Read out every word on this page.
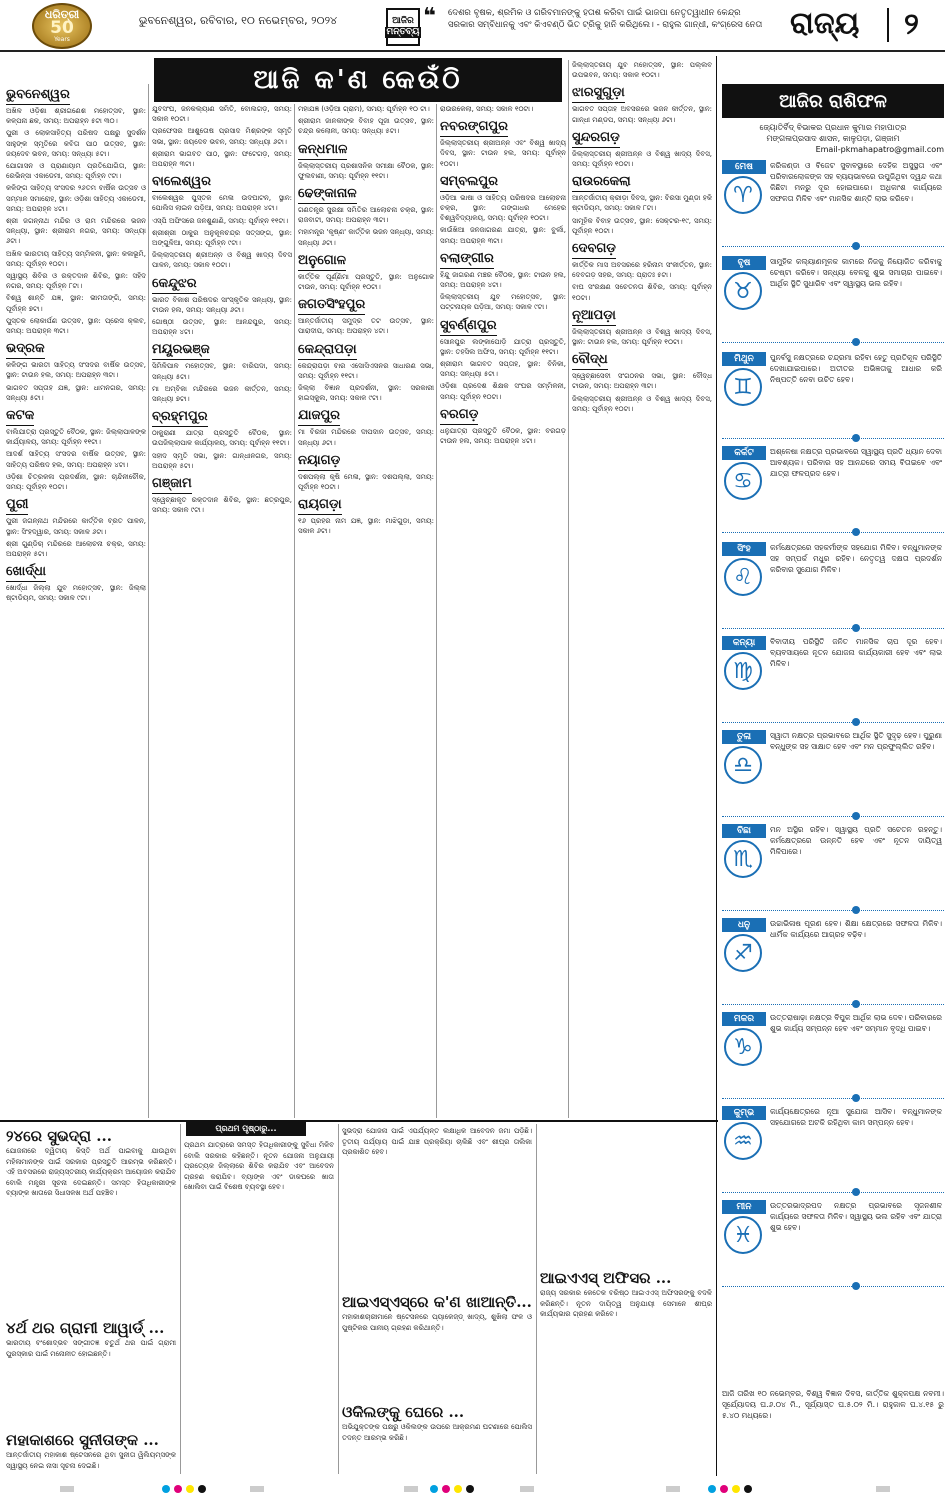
ଧରିତ୍ରୀ
50
Years
ଭୁବନେଶ୍ୱର, ରବିବାର, ୧୦ ନଭେମ୍ବର, ୨୦୨୪	ଆଜିର
ମନ୍ତବ୍ୟ
❝ ଦେଶର ବୃଷକ, ଶ୍ରମିକ ଓ ଗରିବମାନଙ୍କୁ ହତାଶ କରିବା ପାଇଁ ଭାଜପା ନେତୃତ୍ୱାଧୀନ କେନ୍ଦ୍ର ସରକାର ସମ୍ବିଧାନକୁ ଏବଂ କିଏବଣ୍ଠି ଭିତ ଟ୍ରିକୁ ହାନି କରିଥିଲେ। - ରାହୁଲ ଗାନ୍ଧୀ, କଂଗ୍ରେସ ନେତା ରାଜ୍ୟ ୨
ଆଜି କ'ଣ କେଉଁଠି
ଭୁବନେଶ୍ୱର
ଅଖିଳ ଓଡ଼ିଶା ଶ୍ରୀଗଣେଶ ମହୋତ୍ସବ, ସ୍ଥାନ: କଳ୍ପନା ଛକ, ସମୟ: ଅପରାହ୍ନ ୫ଟା ୩୦।
ପୁରୀ ଓ ଲୋକସାହିତ୍ୟ ପରିଷଦ ପକ୍ଷରୁ ସୁଦର୍ଶନ ସାହୁଙ୍କ ସ୍ମୃତିରେ କବିତା ପାଠ ଉତ୍ସବ, ସ୍ଥାନ: ଜୟଦେବ ଭବନ, ସମୟ: ସନ୍ଧ୍ୟା ୫ଟା।
ଯୋଗାସନ ଓ ପ୍ରାଣାୟାମ ପ୍ରତିଯୋଗିତା, ସ୍ଥାନ: ରେଭିନ୍ସା ଏକାଡେମୀ, ସମୟ: ପୂର୍ବାହ୍ନ ୯ଟା।
କଳିଙ୍ଗ ସାହିତ୍ୟ ସଂସଦର ୨୬ତମ ବାର୍ଷିକ ଉତ୍ସବ ଓ ସମ୍ମାନ ସମାରୋହ, ସ୍ଥାନ: ଓଡ଼ିଶା ସାହିତ୍ୟ ଏକାଡେମୀ, ସମୟ: ଅପରାହ୍ନ ୪ଟା।
ଶ୍ରୀ ଜଗନ୍ନାଥ ମନ୍ଦିର ଓ ରାମ ମନ୍ଦିରରେ ଭଜନ ସନ୍ଧ୍ୟା, ସ୍ଥାନ: ଶ୍ରୀରାମ ନଗର, ସମୟ: ସନ୍ଧ୍ୟା ୬ଟା।
ଅଖିଳ ଭାରତୀୟ ସାହିତ୍ୟ ସମ୍ମିଳନୀ, ସ୍ଥାନ: କଳାଭୂମି, ସମୟ: ପୂର୍ବାହ୍ନ ୧୦ଟା।
ସ୍ୱାସ୍ଥ୍ୟ ଶିବିର ଓ ରକ୍ତଦାନ ଶିବିର, ସ୍ଥାନ: ସହିଦ ନଗର, ସମୟ: ପୂର୍ବାହ୍ନ ୮ଟା।
ବିଶ୍ୱ ଶାନ୍ତି ଯଜ୍ଞ, ସ୍ଥାନ: ଭୀମତାଙ୍ଗି, ସମୟ: ପୂର୍ବାହ୍ନ ୭ଟା।
ପୁସ୍ତକ ଲୋକାର୍ପଣ ଉତ୍ସବ, ସ୍ଥାନ: ପ୍ରେସ କ୍ଲବ, ସମୟ: ଅପରାହ୍ନ ୩ଟା।
ଭଦ୍ରକ
କଳିଙ୍ଗ ଭାରତୀ ସାହିତ୍ୟ ସଂସଦର ବାର୍ଷିକ ଉତ୍ସବ, ସ୍ଥାନ: ଟାଉନ ହଲ, ସମୟ: ଅପରାହ୍ନ ୩ଟା।
ଭାଗବତ ସପ୍ତାହ ଯଜ୍ଞ, ସ୍ଥାନ: ଧାମନଗର, ସମୟ: ସନ୍ଧ୍ୟା ୫ଟା।
କଟକ
ବାଲିଯାତ୍ରା ପ୍ରସ୍ତୁତି ବୈଠକ, ସ୍ଥାନ: ଜିଲ୍ଲାପାଳଙ୍କ କାର୍ଯ୍ୟାଳୟ, ସମୟ: ପୂର୍ବାହ୍ନ ୧୧ଟା।
ଆଦର୍ଶ ସାହିତ୍ୟ ସଂସଦର ବାର୍ଷିକ ଉତ୍ସବ, ସ୍ଥାନ: ସାହିତ୍ୟ ପରିଷଦ ହଲ, ସମୟ: ଅପରାହ୍ନ ୪ଟା।
ଓଡ଼ିଶା ଚିତ୍ରକଳା ପ୍ରଦର୍ଶନୀ, ସ୍ଥାନ: ଚାନ୍ଦିନୀଚୌକ, ସମୟ: ପୂର୍ବାହ୍ନ ୧୦ଟା।
ପୁରୀ
ପୁରୀ ଜଗନ୍ନାଥ ମନ୍ଦିରରେ କାର୍ତ୍ତିକ ବ୍ରତ ପାଳନ, ସ୍ଥାନ: ସିଂହଦ୍ୱାର, ସମୟ: ସକାଳ ୬ଟା।
ଶ୍ରୀ ଗୁଣ୍ଡିଚା ମନ୍ଦିରରେ ଆଲୋଚନା ଚକ୍ର, ସମୟ: ଅପରାହ୍ନ ୫ଟା।
ଖୋର୍ଦ୍ଧା
ଖୋର୍ଦ୍ଧା ଜିଲ୍ଲା ଯୁବ ମହୋତ୍ସବ, ସ୍ଥାନ: ଜିଲ୍ଲା ଷ୍ଟାଡିୟମ, ସମୟ: ସକାଳ ୯ଟା।
ଯୁବସଂଘ, ଜନକଲ୍ୟାଣ ସମିତି, ବୋଲଗଡ଼, ସମୟ: ସକାଳ ୧୦ଟା।
ପ୍ରଫେସର ଆଶୁତୋଷ ପ୍ରସାଦ ମିଶ୍ରଙ୍କ ସ୍ମୃତି ସଭା, ସ୍ଥାନ: ଜୟଦେବ ଭବନ, ସମୟ: ସନ୍ଧ୍ୟା ୬ଟା।
ଶ୍ରୀରାମ ଭାଗବତ ପାଠ, ସ୍ଥାନ: ଫଟେଗଡ଼, ସମୟ: ଅପରାହ୍ନ ୩ଟା।
ବାଲେଶ୍ୱର
ବାଲେଶ୍ୱର ପୁସ୍ତକ ମେଳା ଉଦଘାଟନ, ସ୍ଥାନ: ପୋଲିସ ଲାଇନ ପଡ଼ିଆ, ସମୟ: ଅପରାହ୍ନ ୪ଟା।
ଏସ୍‌ପି ଅଫିସରେ ଜନଶୁଣାଣି, ସମୟ: ପୂର୍ବାହ୍ନ ୧୧ଟା।
ଶ୍ରୀଶ୍ରୀ ଠାକୁର ଅନୁକୂଳଚନ୍ଦ୍ର ସତ୍ସଙ୍ଗ, ସ୍ଥାନ: ଅଙ୍ଗୁଳିଆ, ସମୟ: ପୂର୍ବାହ୍ନ ୯ଟା।
ଜିଲ୍ଲାସ୍ତରୀୟ ଶ୍ରୀଅନ୍ନ ଓ ବିଶ୍ୱ ଖାଦ୍ୟ ଦିବସ ପାଳନ, ସମୟ: ସକାଳ ୧୦ଟା।
କେନ୍ଦୁଝର
ଭାରତ ବିକାଶ ପରିଷଦର ସାଂସ୍କୃତିକ ସନ୍ଧ୍ୟା, ସ୍ଥାନ: ଟାଉନ ହଲ, ସମୟ: ସନ୍ଧ୍ୟା ୬ଟା।
ଗୋଷ୍ଠୀ ଉତ୍ସବ, ସ୍ଥାନ: ଆନନ୍ଦପୁର, ସମୟ: ଅପରାହ୍ନ ୪ଟା।
ମୟୂରଭଞ୍ଜ
ସିମିଳିପାଳ ମହୋତ୍ସବ, ସ୍ଥାନ: ବାରିପଦା, ସମୟ: ସନ୍ଧ୍ୟା ୫ଟା।
ମା ଅମ୍ବିକା ମନ୍ଦିରରେ ଭଜନ କୀର୍ତ୍ତନ, ସମୟ: ସନ୍ଧ୍ୟା ୭ଟା।
ବ୍ରହ୍ମପୁର
ଠାକୁରାଣୀ ଯାତ୍ରା ପ୍ରସ୍ତୁତି ବୈଠକ, ସ୍ଥାନ: ଉପଜିଲ୍ଲାପାଳ କାର୍ଯ୍ୟାଳୟ, ସମୟ: ପୂର୍ବାହ୍ନ ୧୧ଟା।
ସହୀଦ ସ୍ମୃତି ସଭା, ସ୍ଥାନ: ଗାନ୍ଧୀନଗର, ସମୟ: ଅପରାହ୍ନ ୫ଟା।
ଗଞ୍ଜାମ
ସ୍ୱେଚ୍ଛାକୃତ ରକ୍ତଦାନ ଶିବିର, ସ୍ଥାନ: ଛତ୍ରପୁର, ସମୟ: ସକାଳ ୯ଟା।
ମହାଯଜ୍ଞ (ଓଡ଼ିଆ ଗ୍ରାମ), ସମୟ: ପୂର୍ବାହ୍ନ ୧୦ ଟା।
ଶ୍ରୀରାମ ଜାନକୀଙ୍କ ବିବାହ ପୂଜା ଉତ୍ସବ, ସ୍ଥାନ: ଚନ୍ଦ୍ର କଲୋନୀ, ସମୟ: ସନ୍ଧ୍ୟା ୫ଟା।
କନ୍ଧମାଳ
ଜିଲ୍ଲାସ୍ତରୀୟ ପ୍ରଶାସନିକ ସମୀକ୍ଷା ବୈଠକ, ସ୍ଥାନ: ଫୁଲବାଣୀ, ସମୟ: ପୂର୍ବାହ୍ନ ୧୧ଟା।
ଢେଙ୍କାନାଳ
ଗଣତନ୍ତ୍ର ସୁରକ୍ଷା ସମିତିର ଆଲୋଚନା ଚକ୍ର, ସ୍ଥାନ: ରାଜବାଟୀ, ସମୟ: ଅପରାହ୍ନ ୩ଟା।
ମହାମନ୍ତ୍ର 'କୃଷ୍ଣ' କାର୍ତ୍ତିକ ଭଜନ ସନ୍ଧ୍ୟା, ସମୟ: ସନ୍ଧ୍ୟା ୬ଟା।
ଅନୁଗୋଳ
କାର୍ତ୍ତିକ ପୂର୍ଣ୍ଣିମା ପ୍ରସ୍ତୁତି, ସ୍ଥାନ: ଅନୁଗୋଳ ଟାଉନ, ସମୟ: ପୂର୍ବାହ୍ନ ୧୦ଟା।
ଜଗତସିଂହପୁର
ଆନ୍ତର୍ଜାତୀୟ ସମୁଦ୍ର ତଟ ଉତ୍ସବ, ସ୍ଥାନ: ପାରାଦୀପ, ସମୟ: ଅପରାହ୍ନ ୪ଟା।
କେନ୍ଦ୍ରାପଡ଼ା
କେନ୍ଦ୍ରାପଡ଼ା ବାର ଏସୋସିଏସନର ସାଧାରଣ ସଭା, ସମୟ: ପୂର୍ବାହ୍ନ ୧୧ଟା।
ଜିଲ୍ଲା ବିଜ୍ଞାନ ପ୍ରଦର୍ଶନୀ, ସ୍ଥାନ: ସରକାରୀ ହାଇସ୍କୁଲ, ସମୟ: ସକାଳ ୯ଟା।
ଯାଜପୁର
ମା ବିରଜା ମନ୍ଦିରରେ ଦୀପଦାନ ଉତ୍ସବ, ସମୟ: ସନ୍ଧ୍ୟା ୬ଟା।
ନୟାଗଡ଼
ଦଶପଲ୍ଲା କୃଷି ମେଳା, ସ୍ଥାନ: ଦଶପଲ୍ଲା, ସମୟ: ପୂର୍ବାହ୍ନ ୧୦ଟା।
ରାୟଗଡ଼ା
୧୬ ପ୍ରହର ନାମ ଯଜ୍ଞ, ସ୍ଥାନ: ମାଝିଗୁଡ଼ା, ସମୟ: ସକାଳ ୬ଟା।
ରାଉରକେଲା, ସମୟ: ସକାଳ ୧୦ଟା।
ନବରଙ୍ଗପୁର
ଜିଲ୍ଲାସ୍ତରୀୟ ଶ୍ରୀଅନ୍ନ ଏବଂ ବିଶ୍ୱ ଖାଦ୍ୟ ଦିବସ, ସ୍ଥାନ: ଟାଉନ ହଲ, ସମୟ: ପୂର୍ବାହ୍ନ ୧୦ଟା।
ସମ୍ବଲପୁର
ଓଡ଼ିଆ ଭାଷା ଓ ସାହିତ୍ୟ ପରିଷଦର ଆଲୋଚନା ଚକ୍ର, ସ୍ଥାନ: ଗଙ୍ଗାଧର ମେହେର ବିଶ୍ୱବିଦ୍ୟାଳୟ, ସମୟ: ପୂର୍ବାହ୍ନ ୧୦ଟା।
କାଉଁଖିଆ ଜନଜାଗରଣ ଯାତ୍ରା, ସ୍ଥାନ: ବୁର୍ଲା, ସମୟ: ଅପରାହ୍ନ ୩ଟା।
ବଲାଙ୍ଗୀର
ହିନ୍ଦୁ ଜାଗରଣ ମଞ୍ଚର ବୈଠକ, ସ୍ଥାନ: ଟାଉନ ହଲ, ସମୟ: ଅପରାହ୍ନ ୪ଟା।
ଜିଲ୍ଲାସ୍ତରୀୟ ଯୁବ ମହୋତ୍ସବ, ସ୍ଥାନ: ପଟ୍ଟନାୟକ ପଡ଼ିଆ, ସମୟ: ସକାଳ ୯ଟା।
ସୁବର୍ଣ୍ଣପୁର
ସୋନପୁର ଲଙ୍କାପୋଡ଼ି ଯାତ୍ରା ପ୍ରସ୍ତୁତି, ସ୍ଥାନ: ତହସିଲ ଅଫିସ, ସମୟ: ପୂର୍ବାହ୍ନ ୧୧ଟା।
ଶ୍ରୀରାମ ଭାଗବତ ସପ୍ତାହ, ସ୍ଥାନ: ବିନିକା, ସମୟ: ସନ୍ଧ୍ୟା ୫ଟା।
ଓଡ଼ିଶା ପ୍ରଦେଶ ଶିକ୍ଷକ ସଂଘର ସମ୍ମିଳନୀ, ସମୟ: ପୂର୍ବାହ୍ନ ୧୦ଟା।
ବରଗଡ଼
ଧନୁଯାତ୍ରା ପ୍ରସ୍ତୁତି ବୈଠକ, ସ୍ଥାନ: ବରଗଡ଼ ଟାଉନ ହଲ, ସମୟ: ଅପରାହ୍ନ ୪ଟା।
ଜିଲ୍ଲାସ୍ତରୀୟ ଯୁବ ମହୋତ୍ସବ, ସ୍ଥାନ: ପଲ୍ଲବ ଉପଭବନ, ସମୟ: ସକାଳ ୧୦ଟା।
ଝାରସୁଗୁଡ଼ା
ଭାଗବତ ସପ୍ତାହ ଅବସରରେ ଭଜନ କୀର୍ତ୍ତନ, ସ୍ଥାନ: ଗାନ୍ଧୀ ମଣ୍ଡପ, ସମୟ: ସନ୍ଧ୍ୟା ୬ଟା।
ସୁନ୍ଦରଗଡ଼
ଜିଲ୍ଲାସ୍ତରୀୟ ଶ୍ରୀଅନ୍ନ ଓ ବିଶ୍ୱ ଖାଦ୍ୟ ଦିବସ, ସମୟ: ପୂର୍ବାହ୍ନ ୧୦ଟା।
ରାଉରକେଲା
ଆନ୍ତର୍ଜାତୀୟ କ୍ରୀଡ଼ା ଦିବସ, ସ୍ଥାନ: ବିରସା ମୁଣ୍ଡା ହକି ଷ୍ଟାଡିୟମ, ସମୟ: ସକାଳ ୮ଟା।
ସାମୂହିକ ବିବାହ ଉତ୍ସବ, ସ୍ଥାନ: ସେକ୍ଟର-୧୯, ସମୟ: ପୂର୍ବାହ୍ନ ୧୦ଟା।
ଦେବଗଡ଼
କାର୍ତ୍ତିକ ମାସ ଅବସରରେ ହରିନାମ ସଂକୀର୍ତ୍ତନ, ସ୍ଥାନ: ଦେବଗଡ଼ ସହର, ସମୟ: ପ୍ରାତଃ ୫ଟା।
ବାଘ ସଂରକ୍ଷଣ ସଚେତନତା ଶିବିର, ସମୟ: ପୂର୍ବାହ୍ନ ୧୦ଟା।
ନୂଆପଡ଼ା
ଜିଲ୍ଲାସ୍ତରୀୟ ଶ୍ରୀଅନ୍ନ ଓ ବିଶ୍ୱ ଖାଦ୍ୟ ଦିବସ, ସ୍ଥାନ: ଟାଉନ ହଲ, ସମୟ: ପୂର୍ବାହ୍ନ ୧୦ଟା।
ବୌଦ୍ଧ
ସ୍ୱେଚ୍ଛାସେବୀ ସଂଗଠନର ସଭା, ସ୍ଥାନ: ବୌଦ୍ଧ ଟାଉନ, ସମୟ: ଅପରାହ୍ନ ୩ଟା।
ଜିଲ୍ଲାସ୍ତରୀୟ ଶ୍ରୀଅନ୍ନ ଓ ବିଶ୍ୱ ଖାଦ୍ୟ ଦିବସ, ସମୟ: ପୂର୍ବାହ୍ନ ୧୦ଟା।
ଆଜିର ରାଶିଫଳ
ଜ୍ୟୋତିର୍ବିଦ୍ ବିଭାକର ପ୍ରଧାନ କୁମାର ମହାପାତ୍ର
ମଙ୍ଗଳାପ୍ରସାଦ ଶାସନ, କାଳୁପଡ଼ା, ଗଞ୍ଜାମ
Email-pkmahapatro@gmail.com
ମେଷ
♈
କରିକଣ୍ଡା ଓ ବିଜେଟ ସୁବାବସ୍ଥାରେ ଦେହିକ ଅସୁସ୍ଥତା ଏବଂ ପରିବାରଲୋକଙ୍କ ସହ ବ୍ୟୟଭାବରେ ଉପୁଜିଥିବା ଦ୍ୱନ୍ଦ କଥା କିଛିଟା ମନରୁ ଦୂର ହୋଇପାରେ। ଅଧିକାଂଶ କାର୍ଯ୍ୟରେ ସଫଳତା ମିଳିବ ଏବଂ ମାନସିକ ଶାନ୍ତି ଲାଭ କରିବେ।
ବୃଷ
♉
ସାମୁହିକ କଲ୍ୟାଣମୂଳକ କାମରେ ନିଜକୁ ନିୟୋଜିତ କରିବାକୁ ଚେଷ୍ଟା କରିବେ। ସନ୍ଧ୍ୟା ବେଳକୁ ଶୁଭ ସମାଚାର ପାଇବେ। ଆର୍ଥିକ ସ୍ଥିତି ସୁଧାରିବ ଏବଂ ସ୍ୱାସ୍ଥ୍ୟ ଭଲ ରହିବ।
ମିଥୁନ
♊
ପୁନର୍ବସୁ ନକ୍ଷତ୍ରରେ ଚନ୍ଦ୍ରମା ରହିବା ହେତୁ ପ୍ରତିକୂଳ ପରିସ୍ଥିତି ଦେଖାଯାଇପାରେ। ଅତୀତର ଅଭିଜ୍ଞତାକୁ ଆଧାର କରି ନିଷ୍ପତ୍ତି ନେବା ଉଚିତ ହେବ।
କର୍କଟ
♋
ଅଶ୍ଳେଷା ନକ୍ଷତ୍ର ପ୍ରଭାବରେ ସ୍ୱାସ୍ଥ୍ୟ ପ୍ରତି ଧ୍ୟାନ ଦେବା ଆବଶ୍ୟକ। ପରିବାର ସହ ଆନନ୍ଦରେ ସମୟ ବିତାଇବେ ଏବଂ ଯାତ୍ରା ଫଳପ୍ରଦ ହେବ।
ସିଂହ
♌
କର୍ମକ୍ଷେତ୍ରରେ ସହକର୍ମୀଙ୍କ ସହଯୋଗ ମିଳିବ। ବନ୍ଧୁମାନଙ୍କ ସହ ସମ୍ପର୍କ ମଧୁର ରହିବ। ନେତୃତ୍ୱ ଦକ୍ଷତା ପ୍ରଦର୍ଶନ କରିବାର ସୁଯୋଗ ମିଳିବ।
କନ୍ୟା
♍
ବିବାଦୀୟ ପରିସ୍ଥିତି ଜନିତ ମାନସିକ ଚାପ ଦୂର ହେବ। ବ୍ୟବସାୟରେ ନୂତନ ଯୋଜନା କାର୍ଯ୍ୟକାରୀ ହେବ ଏବଂ ଲାଭ ମିଳିବ।
ତୁଳା
♎
ସ୍ୱାତୀ ନକ୍ଷତ୍ର ପ୍ରଭାବରେ ଆର୍ଥିକ ସ୍ଥିତି ସୁଦୃଢ଼ ହେବ। ପୁରୁଣା ବନ୍ଧୁଙ୍କ ସହ ସାକ୍ଷାତ ହେବ ଏବଂ ମନ ପ୍ରଫୁଲ୍ଲିତ ରହିବ।
ବିଛା
♏
ମନ ଅସ୍ଥିର ରହିବ। ସ୍ୱାସ୍ଥ୍ୟ ପ୍ରତି ସଚେତନ ରହନ୍ତୁ। କର୍ମକ୍ଷେତ୍ରରେ ଉନ୍ନତି ହେବ ଏବଂ ନୂତନ ଦାୟିତ୍ୱ ମିଳିପାରେ।
ଧନୁ
♐
ଉଚ୍ଚାଭିଳାଷ ପୂରଣ ହେବ। ଶିକ୍ଷା କ୍ଷେତ୍ରରେ ସଫଳତା ମିଳିବ। ଧାର୍ମିକ କାର୍ଯ୍ୟରେ ଆଗ୍ରହ ବଢ଼ିବ।
ମକର
♑
ଉତ୍ତରାଷାଢ଼ା ନକ୍ଷତ୍ର ବିପୁଳ ଆର୍ଥିକ ଲାଭ ଦେବ। ପରିବାରରେ ଶୁଭ କାର୍ଯ୍ୟ ସମ୍ପନ୍ନ ହେବ ଏବଂ ସମ୍ମାନ ବୃଦ୍ଧି ପାଇବ।
କୁମ୍ଭ
♒
କାର୍ଯ୍ୟକ୍ଷେତ୍ରରେ ନୂଆ ସୁଯୋଗ ଆସିବ। ବନ୍ଧୁମାନଙ୍କ ସହଯୋଗରେ ଅଟକି ରହିଥିବା କାମ ସମ୍ପନ୍ନ ହେବ।
ମୀନ
♓
ଉତ୍ତରଭାଦ୍ରପଦ ନକ୍ଷତ୍ର ପ୍ରଭାବରେ ସୃଜନଶୀଳ କାର୍ଯ୍ୟରେ ସଫଳତା ମିଳିବ। ସ୍ୱାସ୍ଥ୍ୟ ଭଲ ରହିବ ଏବଂ ଯାତ୍ରା ଶୁଭ ହେବ।
ଆଜି ତାରିଖ ୧୦ ନଭେମ୍ବର, ବିଶ୍ୱ ବିଜ୍ଞାନ ଦିବସ, କାର୍ତ୍ତିକ ଶୁକ୍ଳପକ୍ଷ ନବମୀ। ସୂର୍ଯ୍ୟୋଦୟ ଘ.୬.୦୪ ମି., ସୂର୍ଯ୍ୟାସ୍ତ ଘ.୫.୦୨ ମି.। ରାହୁକାଳ ଘ.୪.୧୫ ରୁ ୫.୪୦ ମଧ୍ୟରେ।
ପ୍ରଥମ ପୃଷ୍ଠାରୁ...
୨୪ରେ ସୁଭଦ୍ରା ...
ଯୋଜନାରେ ଦ୍ୱିତୀୟ କିସ୍ତି ଅର୍ଥ ପାଇବାକୁ ଯାଉଥିବା ମହିଳାମାନଙ୍କ ପାଇଁ ସରକାର ପ୍ରସ୍ତୁତି ଆରମ୍ଭ କରିଛନ୍ତି। ଏହି ଅବସରରେ ରାଜ୍ୟସ୍ତରୀୟ କାର୍ଯ୍ୟକ୍ରମ ଆୟୋଜନ କରାଯିବ ବୋଲି ମନ୍ତ୍ରୀ ସୂଚନା ଦେଇଛନ୍ତି। ସମସ୍ତ ହିତାଧିକାରୀଙ୍କ ବ୍ୟାଙ୍କ ଖାତାରେ ସିଧାସଳଖ ଅର୍ଥ ପହଞ୍ଚିବ।
୪ର୍ଥ ଥର ଗ୍ରାମୀ ଆୱାର୍ଡ୍ ...
ଭାରତୀୟ ବଂଶୋଦ୍ଭବ ସଙ୍ଗୀତଜ୍ଞ ଚତୁର୍ଥ ଥର ପାଇଁ ଗ୍ରାମୀ ପୁରସ୍କାର ପାଇଁ ମନୋନୀତ ହୋଇଛନ୍ତି।
ମହାକାଶରେ ସୁନୀତାଙ୍କ ...
ଆନ୍ତର୍ଜାତୀୟ ମହାକାଶ ଷ୍ଟେସନରେ ଥିବା ସୁନୀତା ୱିଲିୟମ୍ସଙ୍କ ସ୍ୱାସ୍ଥ୍ୟ ନେଇ ନାସା ସୂଚନା ଦେଇଛି।
ପ୍ରଥମ ଯାତ୍ରାରେ ସମସ୍ତ ହିତାଧିକାରୀଙ୍କୁ ସୁବିଧା ମିଳିବ ବୋଲି ସରକାର କହିଛନ୍ତି। ନୂତନ ଯୋଜନା ଅନୁଯାୟୀ ପ୍ରତ୍ୟେକ ଜିଲ୍ଲାରେ ଶିବିର କରାଯିବ ଏବଂ ଆବେଦନ ଗ୍ରହଣ କରାଯିବ। ବ୍ୟାଙ୍କ ଏବଂ ଡାକଘରେ ଖାତା ଖୋଲିବା ପାଇଁ ବିଶେଷ ବ୍ୟବସ୍ଥା ହେବ।
ସୁଭଦ୍ରା ଯୋଜନା ପାଇଁ ଏପର୍ଯ୍ୟନ୍ତ ଲକ୍ଷାଧିକ ଆବେଦନ ଜମା ପଡ଼ିଛି। ତୃତୀୟ ପର୍ଯ୍ୟାୟ ପାଇଁ ଯାଞ୍ଚ ପ୍ରକ୍ରିୟା ଚାଲିଛି ଏବଂ ଶୀଘ୍ର ତାଲିକା ପ୍ରକାଶିତ ହେବ।
ଆଇଏସ୍‌ଏସ୍‌ରେ କ'ଣ ଖାଆନ୍ତି...
ମହାକାଶଚାରୀମାନେ ଷ୍ଟେସନରେ ପ୍ୟାକେଜ୍ଡ୍ ଖାଦ୍ୟ, ଶୁଖିଲା ଫଳ ଓ ପୁଷ୍ଟିକର ପାନୀୟ ଗ୍ରହଣ କରିଥାନ୍ତି।
ଓକିଲଙ୍କୁ ଘେରେ ...
ଅଭିଯୁକ୍ତଙ୍କ ପକ୍ଷରୁ ଓକିଲଙ୍କ ଉପରେ ଆକ୍ରମଣ ଘଟଣାରେ ପୋଲିସ ତଦନ୍ତ ଆରମ୍ଭ କରିଛି।
ଆଇଏଏସ୍ ଅଫିସର ...
ରାଜ୍ୟ ସରକାର କେତେକ ବରିଷ୍ଠ ଆଇଏଏସ୍ ଅଫିସରଙ୍କୁ ବଦଳି କରିଛନ୍ତି। ନୂତନ ଦାୟିତ୍ୱ ଅନୁଯାୟୀ ସେମାନେ ଶୀଘ୍ର କାର୍ଯ୍ୟଭାର ଗ୍ରହଣ କରିବେ।
